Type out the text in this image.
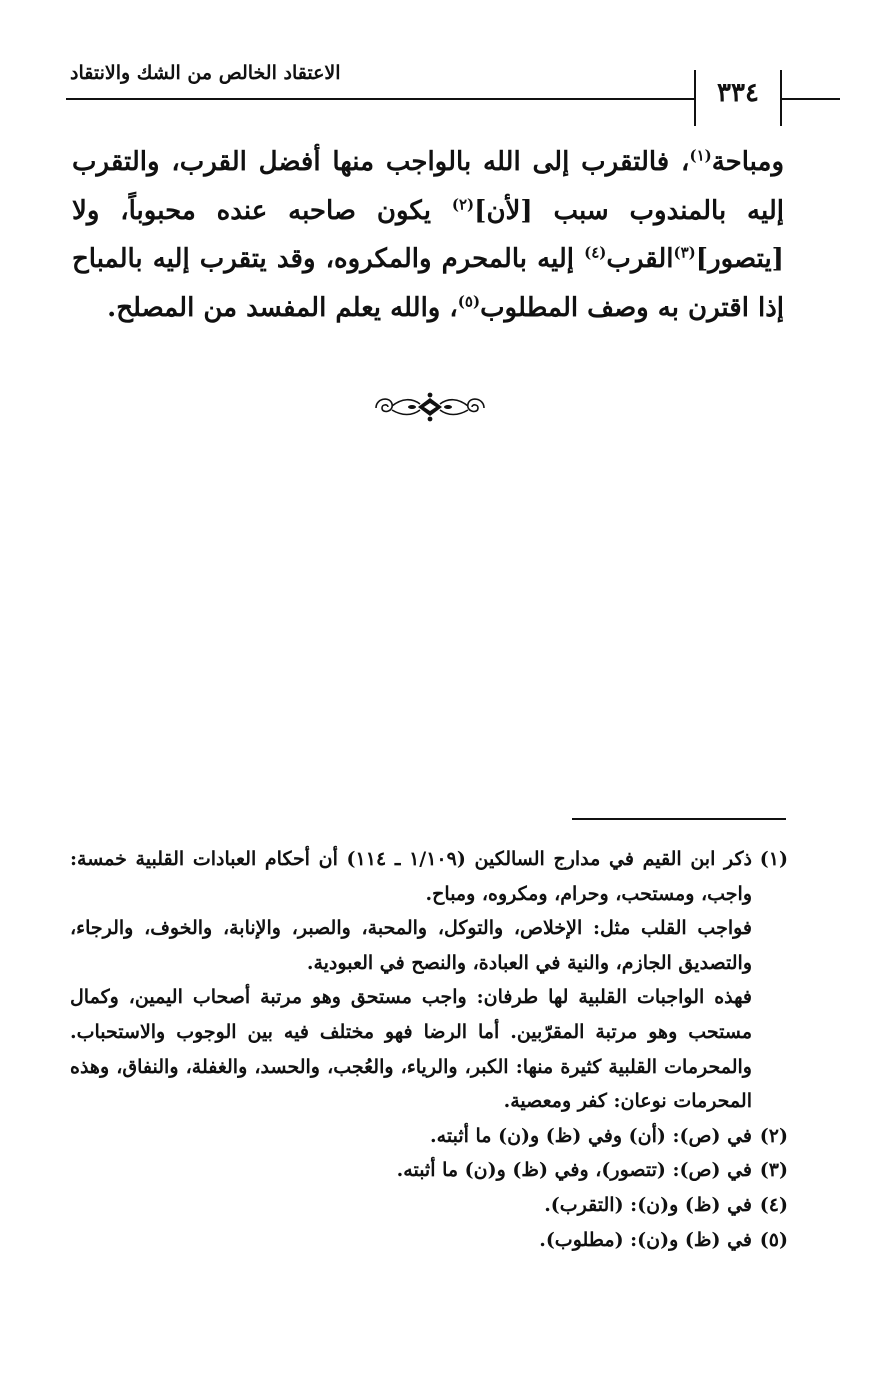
الاعتقاد الخالص من الشك والانتقاد
٣٣٤

ومباحة$^{(١)}$، فالتقرب إلى الله بالواجب منها أفضل القرب، والتقرب إليه بالمندوب سبب [لأن]$^{(٢)}$ يكون صاحبه عنده محبوباً، ولا [يتصور]$^{(٣)}$القرب$^{(٤)}$ إليه بالمحرم والمكروه، وقد يتقرب إليه بالمباح إذا اقترن به وصف المطلوب$^{(٥)}$، والله يعلم المفسد من المصلح.

(١)

ذكر ابن القيم في مدارج السالكين (١/١٠٩ ـ ١١٤) أن أحكام العبادات القلبية خمسة: واجب، ومستحب، وحرام، ومكروه، ومباح.

فواجب القلب مثل: الإخلاص، والتوكل، والمحبة، والصبر، والإنابة، والخوف، والرجاء، والتصديق الجازم، والنية في العبادة، والنصح في العبودية.

فهذه الواجبات القلبية لها طرفان: واجب مستحق وهو مرتبة أصحاب اليمين، وكمال مستحب وهو مرتبة المقرّبين. أما الرضا فهو مختلف فيه بين الوجوب والاستحباب. والمحرمات القلبية كثيرة منها: الكبر، والرياء، والعُجب، والحسد، والغفلة، والنفاق، وهذه المحرمات نوعان: كفر ومعصية.

(٢)

في (ص): (أن) وفي (ظ) و(ن) ما أثبته.

(٣)

في (ص): (تتصور)، وفي (ظ) و(ن) ما أثبته.

(٤)

في (ظ) و(ن): (التقرب).

(٥)

في (ظ) و(ن): (مطلوب).
